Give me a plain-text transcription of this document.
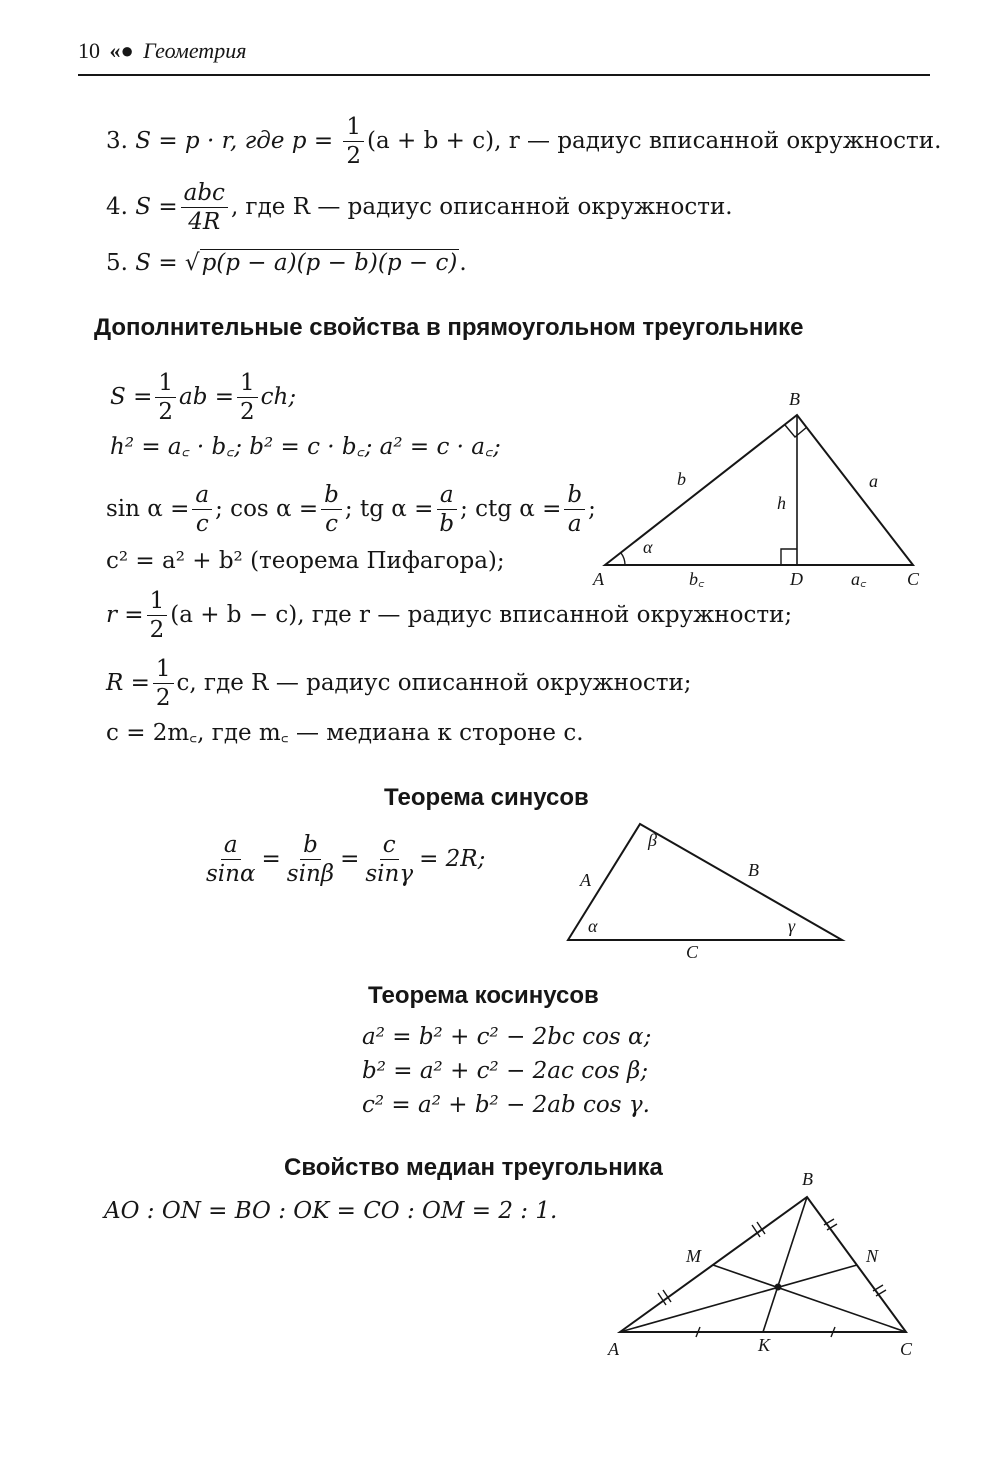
10 «● Геометрия
3. S = p · r, где $p = \frac{1}{2} (a + b + c)$, r — радиус вписанной окружности.
4. $S = \frac{\text{abc}}{4R}$ , где R — радиус описанной окружности.
5. S = √p(p − a)(p − b)(p − c).
Дополнительные свойства в прямоугольном треугольнике
$S = \frac{1}{2}$ ab = $\frac{1}{2}$ ch;
h² = a꜀ · b꜀; b² = c · b꜀; a² = c · a꜀;
$\sin \alpha = \frac{a}{c}$ ; $\cos \alpha = \frac{b}{c}$ ; tg $\alpha = \frac{a}{b}$ ; ctg $\alpha = \frac{b}{a}$ ;
c² = a² + b² (теорема Пифагора);
$r = \frac{1}{2} (a + b - c)$, где r — радиус вписанной окружности;
$R = \frac{1}{2} c$, где R — радиус описанной окружности;
c = 2m꜀, где m꜀ — медиана к стороне c.
B
b	a
h
α
A	b꜀	D	a꜀ C
Теорема синусов
$\frac{a}{\sin\alpha} = \frac{b}{\sin\beta} = \frac{c}{\sin\gamma} = 2R$;
β
A	B
α	γ
C
Теорема косинусов
a² = b² + c² − 2bc cos α;
b² = a² + c² − 2ac cos β;
c² = a² + b² − 2ab cos γ.
Свойство медиан треугольника
AO : ON = BO : OK = CO : OM = 2 : 1.
B
M	N
A	K	C
